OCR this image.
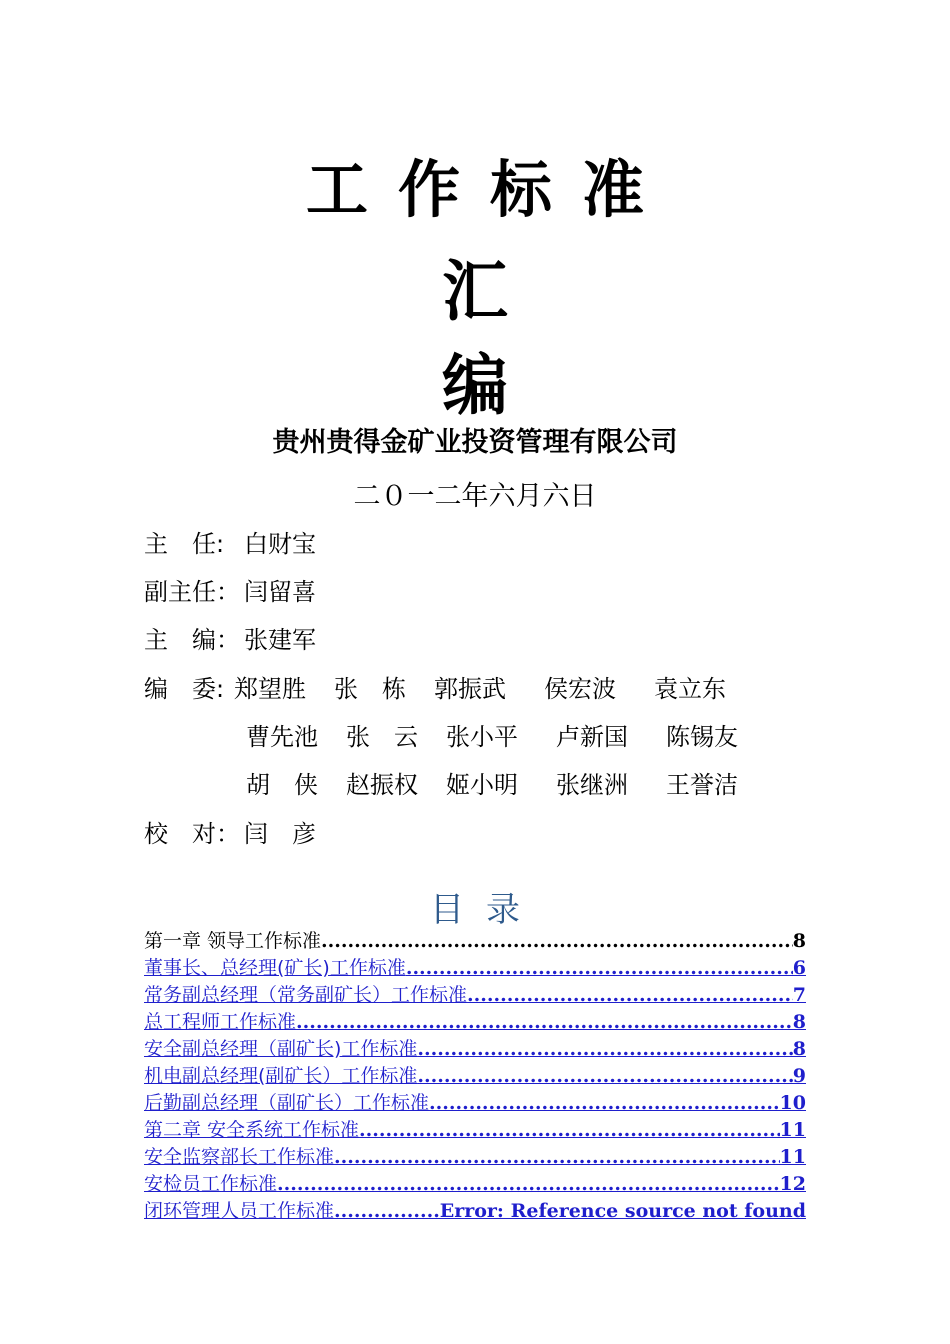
工作标准
汇
编
贵州贵得金矿业投资管理有限公司
二０一二年六月六日
主　任: 白财宝
副主任： 闫留喜
主　编： 张建军
编　委: 郑望胜 张　栋 郭振武 侯宏波 袁立东
曹先池 张　云 张小平 卢新国 陈锡友
胡　侠 赵振权 姬小明 张继洲 王誉洁
校　对： 闫　彦
目录
第一章 领导工作标准 .....	8
董事长、总经理(矿长)工作标准 .....	6
常务副总经理（常务副矿长）工作标准 .....	7
总工程师工作标准 .....	8
安全副总经理（副矿长)工作标准 .....	8
机电副总经理(副矿长）工作标准 .....	9
后勤副总经理（副矿长）工作标准 .....	10
第二章 安全系统工作标准 .....	11
安全监察部长工作标准 .....	11
安检员工作标准 .....	12
闭环管理人员工作标准 .....	Error: Reference source not found
